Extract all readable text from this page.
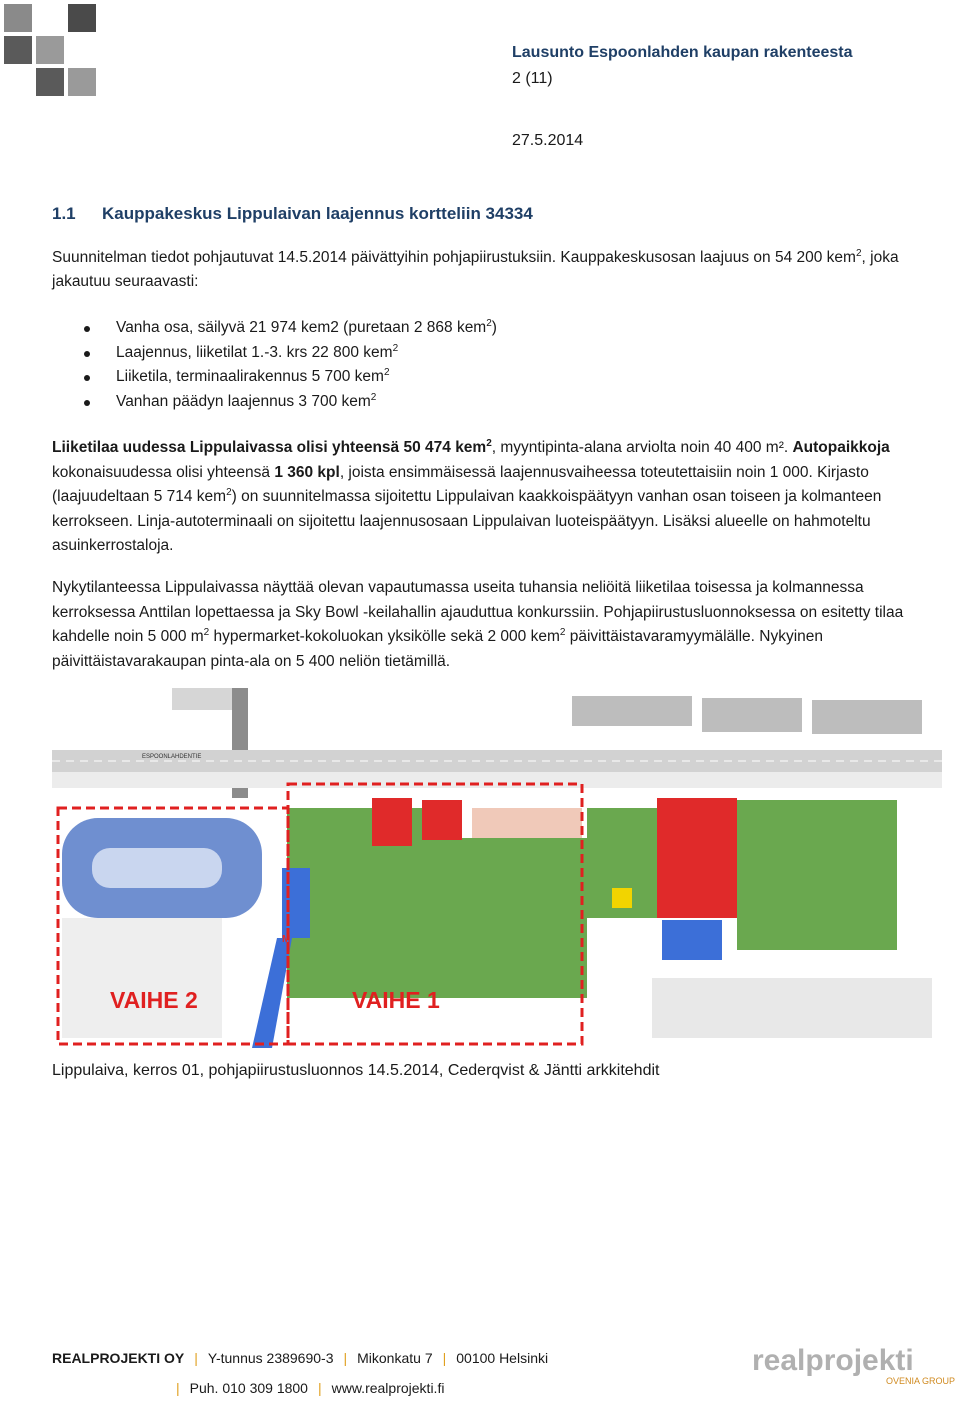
Lausunto Espoonlahden kaupan rakenteesta
2 (11)
27.5.2014
1.1 Kauppakeskus Lippulaivan laajennus kortteliin 34334
Suunnitelman tiedot pohjautuvat 14.5.2014 päivättyihin pohjapiirustuksiin. Kauppakeskusosan laajuus on 54 200 kem$^2$, joka jakautuu seuraavasti:
Vanha osa, säilyvä 21 974 kem2 (puretaan 2 868 kem$^2$)
Laajennus, liiketilat 1.-3. krs 22 800 kem$^2$
Liiketila, terminaalirakennus 5 700 kem$^2$
Vanhan päädyn laajennus 3 700 kem$^2$
Liiketilaa uudessa Lippulaivassa olisi yhteensä 50 474 kem$^2$, myyntipinta-alana arviolta noin 40 400 m². Autopaikkoja kokonaisuudessa olisi yhteensä 1 360 kpl, joista ensimmäisessä laajennusvaiheessa toteutettaisiin noin 1 000. Kirjasto (laajuudeltaan 5 714 kem$^2$) on suunnitelmassa sijoitettu Lippulaivan kaakkoispäätyyn vanhan osan toiseen ja kolmanteen kerrokseen. Linja-autoterminaali on sijoitettu laajennusosaan Lippulaivan luoteispäätyyn. Lisäksi alueelle on hahmoteltu asuinkerrostaloja.
Nykytilanteessa Lippulaivassa näyttää olevan vapautumassa useita tuhansia neliöitä liiketilaa toisessa ja kolmannessa kerroksessa Anttilan lopettaessa ja Sky Bowl -keilahallin ajauduttua konkurssiin. Pohjapiirustusluonnoksessa on esitetty tilaa kahdelle noin 5 000 $m^2$ hypermarket-kokoluokan yksikölle sekä 2 000 kem$^2$ päivittäistavaramyymälälle. Nykyinen päivittäistavarakaupan pinta-ala on 5 400 neliön tietämillä.
ESPOONLAHDENTIE
M
VAIHE 2	VAIHE 1
Lippulaiva, kerros 01, pohjapiirustusluonnos 14.5.2014, Cederqvist & Jäntti arkkitehdit
REALPROJEKTI OY | Y-tunnus 2389690-3 | Mikonkatu 7 | 00100 Helsinki
| Puh. 010 309 1800 | www.realprojekti.fi
realprojekti
OVENIA GROUP
